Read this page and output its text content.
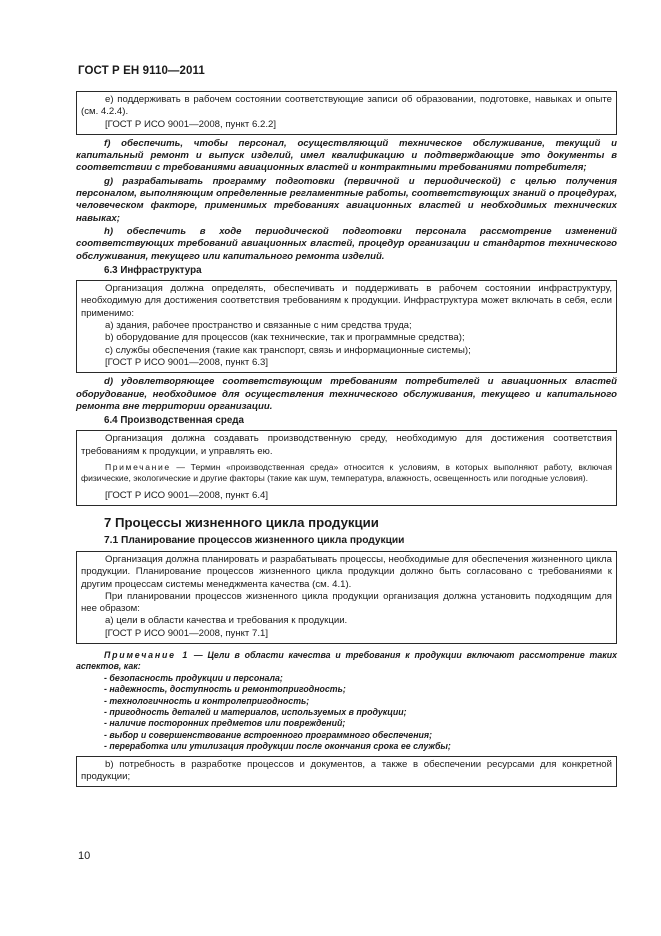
ГОСТ Р ЕН 9110—2011

е) поддерживать в рабочем состоянии соответствующие записи об образовании, подготовке, навыках и опыте (см. 4.2.4).

[ГОСТ Р ИСО 9001—2008, пункт 6.2.2]

f) обеспечить, чтобы персонал, осуществляющий техническое обслуживание, текущий и капитальный ремонт и выпуск изделий, имел квалификацию и подтверждающие это документы в соответствии с требованиями авиационных властей и контрактными требованиями потребителя;

g) разрабатывать программу подготовки (первичной и периодической) с целью получения персоналом, выполняющим определенные регламентные работы, соответствующих знаний о процедурах, человеческом факторе, применимых требованиях авиационных властей и необходимых технических навыках;

h) обеспечить в ходе периодической подготовки персонала рассмотрение изменений соответствующих требований авиационных властей, процедур организации и стандартов технического обслуживания, текущего или капитального ремонта изделий.

6.3 Инфраструктура

Организация должна определять, обеспечивать и поддерживать в рабочем состоянии инфраструктуру, необходимую для достижения соответствия требованиям к продукции. Инфраструктура может включать в себя, если применимо:

а) здания, рабочее пространство и связанные с ним средства труда;

b) оборудование для процессов (как технические, так и программные средства);

с) службы обеспечения (такие как транспорт, связь и информационные системы);

[ГОСТ Р ИСО 9001—2008, пункт 6.3]

d) удовлетворяющее соответствующим требованиям потребителей и авиационных властей оборудование, необходимое для осуществления технического обслуживания, текущего и капитального ремонта вне территории организации.

6.4 Производственная среда

Организация должна создавать производственную среду, необходимую для достижения соответствия требованиям к продукции, и управлять ею.

Примечание — Термин «производственная среда» относится к условиям, в которых выполняют работу, включая физические, экологические и другие факторы (такие как шум, температура, влажность, освещенность или погодные условия).

[ГОСТ Р ИСО 9001—2008, пункт 6.4]

7 Процессы жизненного цикла продукции
7.1 Планирование процессов жизненного цикла продукции

Организация должна планировать и разрабатывать процессы, необходимые для обеспечения жизненного цикла продукции. Планирование процессов жизненного цикла продукции должно быть согласовано с требованиями к другим процессам системы менеджмента качества (см. 4.1).

При планировании процессов жизненного цикла продукции организация должна установить подходящим для нее образом:

а) цели в области качества и требования к продукции.

[ГОСТ Р ИСО 9001—2008, пункт 7.1]

Примечание 1 — Цели в области качества и требования к продукции включают рассмотрение таких аспектов, как:

- безопасность продукции и персонала;

- надежность, доступность и ремонтопригодность;

- технологичность и контролепригодность;

- пригодность деталей и материалов, используемых в продукции;

- наличие посторонних предметов или повреждений;

- выбор и совершенствование встроенного программного обеспечения;

- переработка или утилизация продукции после окончания срока ее службы;

b) потребность в разработке процессов и документов, а также в обеспечении ресурсами для конкретной продукции;

10
